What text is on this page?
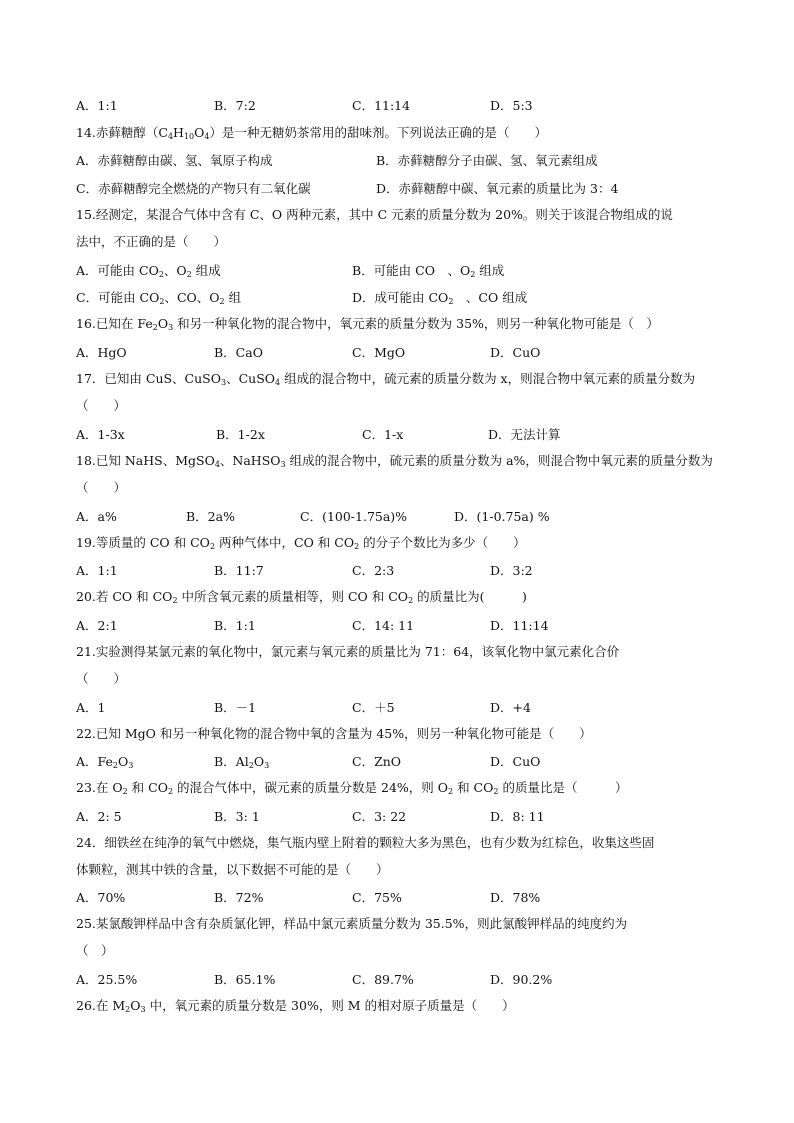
A．1:1	B．7:2	C．11:14	D．5:3
14.赤藓糖醇$(C_4H_{10}O_4)$是一种无糖奶茶常用的甜味剂。下列说法正确的是（　　）
A．赤藓糖醇由碳、氢、氧原子构成	B．赤藓糖醇分子由碳、氢、氧元素组成
C．赤藓糖醇完全燃烧的产物只有二氧化碳	D．赤藓糖醇中碳、氧元素的质量比为 3：4
15.经测定，某混合气体中含有 C、O 两种元素，其中 C 元素的质量分数为 20%。则关于该混合物组成的说
法中，不正确的是（　　）
A．可能由 $CO_2$、$O_2$ 组成	B．可能由 CO　、$O_2$ 组成
C．可能由 $CO_2$、CO、$O_2$ 组	D．成可能由 $CO_2$　、CO 组成
16.已知在 $Fe_2O_3$ 和另一种氧化物的混合物中，氧元素的质量分数为 35%，则另一种氧化物可能是（　）
A．HgO	B．CaO	C．MgO	D．CuO
17．已知由 CuS、CuSO$_3$、CuSO$_4$ 组成的混合物中，硫元素的质量分数为 x，则混合物中氧元素的质量分数为
（　　）
A．1-3x	B．1-2x	C．1-x	D．无法计算
18.已知 NaHS、MgSO$_4$、NaHSO$_3$ 组成的混合物中，硫元素的质量分数为 a%，则混合物中氧元素的质量分数为
（　　）
A．a%	B．2a%	C．(100-1.75a)%	D．(1-0.75a) %
19.等质量的 CO 和 $CO_2$ 两种气体中，CO 和 $CO_2$ 的分子个数比为多少（　　）
A．1:1	B．11:7	C．2:3	D．3:2
20.若 CO 和 $CO_2$ 中所含氧元素的质量相等，则 CO 和 $CO_2$ 的质量比为(　　　)
A．2:1	B．1:1	C．14: 11	D．11:14
21.实验测得某氯元素的氧化物中，氯元素与氧元素的质量比为 71：64，该氧化物中氯元素化合价
（　　）
A．1	B．－1	C．＋5	D．+4
22.已知 MgO 和另一种氧化物的混合物中氧的含量为 45%，则另一种氧化物可能是（　　）
A．$Fe_2O_3$	B．$Al_2O_3$	C．ZnO	D．CuO
23.在 $O_2$ 和 $CO_2$ 的混合气体中，碳元素的质量分数是 24%，则 $O_2$ 和 $CO_2$ 的质量比是（　　　）
A．2: 5	B．3: 1	C．3: 22	D．8: 11
24．细铁丝在纯净的氧气中燃烧，集气瓶内壁上附着的颗粒大多为黑色，也有少数为红棕色，收集这些固
体颗粒，测其中铁的含量，以下数据不可能的是（　　）
A．70%	B．72%	C．75%	D．78%
25.某氯酸钾样品中含有杂质氯化钾，样品中氯元素质量分数为 35.5%，则此氯酸钾样品的纯度约为
（　）
A．25.5%	B．65.1%	C．89.7%	D．90.2%
26.在 $M_2O_3$ 中，氧元素的质量分数是 30%，则 M 的相对原子质量是（　　）
